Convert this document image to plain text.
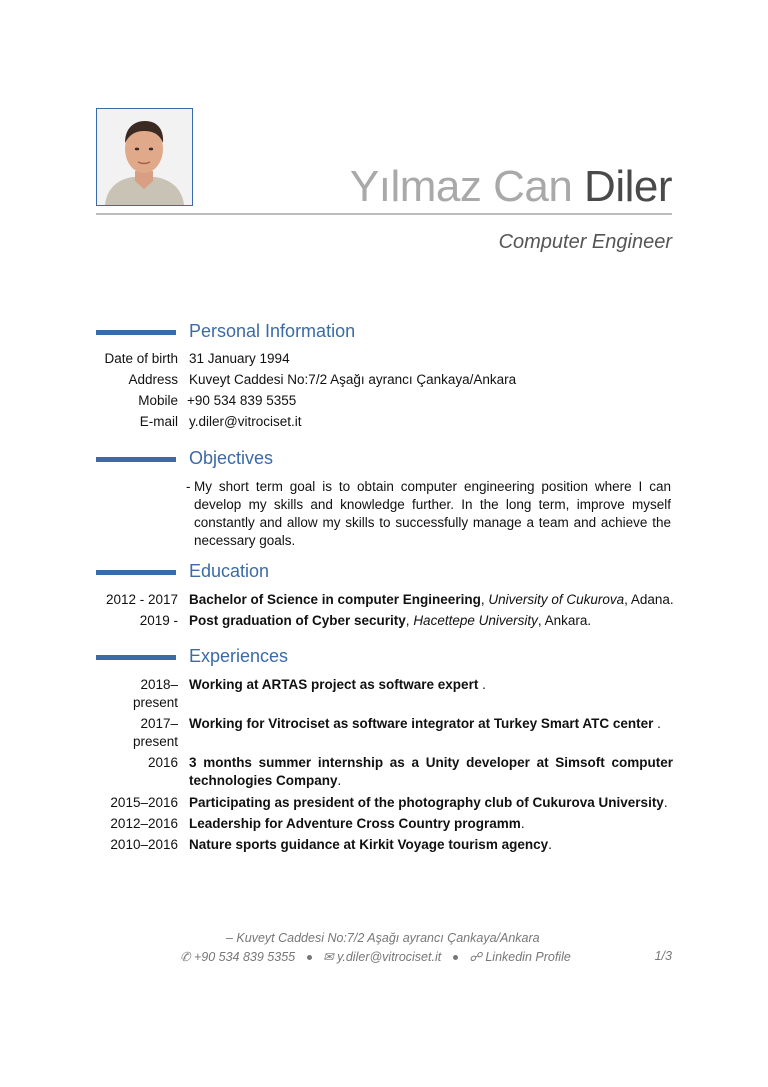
Yılmaz Can Diler
Computer Engineer
Personal Information
Date of birth 31 January 1994
Address Kuveyt Caddesi No:7/2 Aşağı ayrancı Çankaya/Ankara
Mobile +90 534 839 5355
E-mail y.diler@vitrociset.it
Objectives
- My short term goal is to obtain computer engineering position where I can develop my skills and knowledge further. In the long term, improve myself constantly and allow my skills to successfully manage a team and achieve the necessary goals.
Education
2012 - 2017 Bachelor of Science in computer Engineering, University of Cukurova, Adana.
2019 - Post graduation of Cyber security, Hacettepe University, Ankara.
Experiences
2018– present
Working at ARTAS project as software expert .
2017– present
Working for Vitrociset as software integrator at Turkey Smart ATC center .
2016 3 months summer internship as a Unity developer at Simsoft computer technologies Company.
2015–2016 Participating as president of the photography club of Cukurova University.
2012–2016 Leadership for Adventure Cross Country programm.
2010–2016 Nature sports guidance at Kirkit Voyage tourism agency.
– Kuveyt Caddesi No:7/2 Aşağı ayrancı Çankaya/Ankara
✆ +90 534 839 5355 ✉ y.diler@vitrociset.it ☍ Linkedin Profile	1/3
